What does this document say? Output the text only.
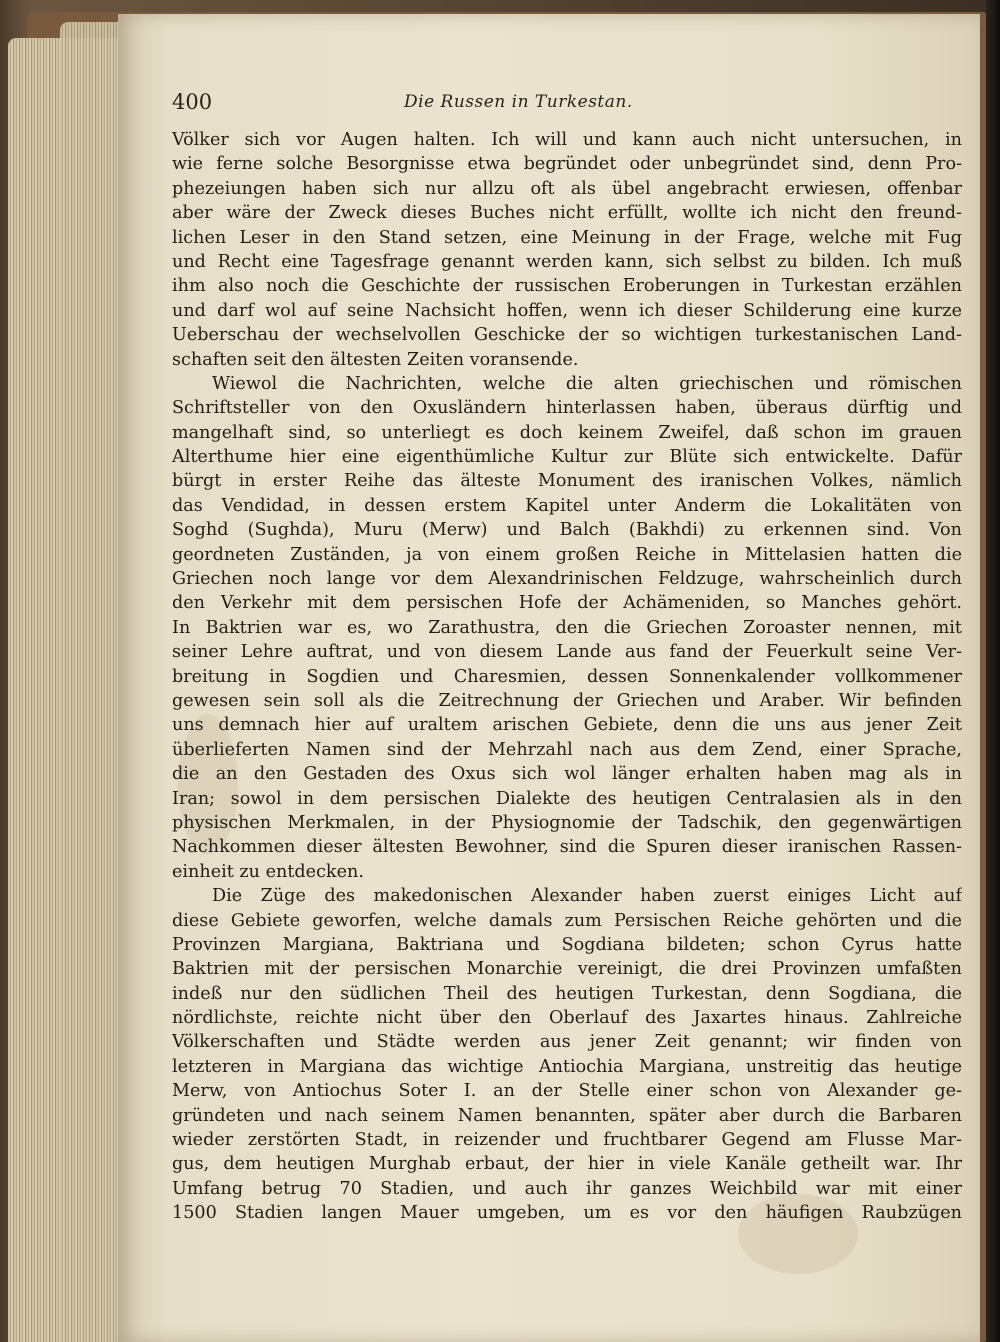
400	Die Russen in Turkestan.
Völker sich vor Augen halten. Ich will und kann auch nicht untersuchen, in
wie ferne solche Besorgnisse etwa begründet oder unbegründet sind, denn Pro-
phezeiungen haben sich nur allzu oft als übel angebracht erwiesen, offenbar
aber wäre der Zweck dieses Buches nicht erfüllt, wollte ich nicht den freund-
lichen Leser in den Stand setzen, eine Meinung in der Frage, welche mit Fug
und Recht eine Tagesfrage genannt werden kann, sich selbst zu bilden. Ich muß
ihm also noch die Geschichte der russischen Eroberungen in Turkestan erzählen
und darf wol auf seine Nachsicht hoffen, wenn ich dieser Schilderung eine kurze
Ueberschau der wechselvollen Geschicke der so wichtigen turkestanischen Land-
schaften seit den ältesten Zeiten voransende.
Wiewol die Nachrichten, welche die alten griechischen und römischen
Schriftsteller von den Oxusländern hinterlassen haben, überaus dürftig und
mangelhaft sind, so unterliegt es doch keinem Zweifel, daß schon im grauen
Alterthume hier eine eigenthümliche Kultur zur Blüte sich entwickelte. Dafür
bürgt in erster Reihe das älteste Monument des iranischen Volkes, nämlich
das Vendidad, in dessen erstem Kapitel unter Anderm die Lokalitäten von
Soghd (Sughda), Muru (Merw) und Balch (Bakhdi) zu erkennen sind. Von
geordneten Zuständen, ja von einem großen Reiche in Mittelasien hatten die
Griechen noch lange vor dem Alexandrinischen Feldzuge, wahrscheinlich durch
den Verkehr mit dem persischen Hofe der Achämeniden, so Manches gehört.
In Baktrien war es, wo Zarathustra, den die Griechen Zoroaster nennen, mit
seiner Lehre auftrat, und von diesem Lande aus fand der Feuerkult seine Ver-
breitung in Sogdien und Charesmien, dessen Sonnenkalender vollkommener
gewesen sein soll als die Zeitrechnung der Griechen und Araber. Wir befinden
uns demnach hier auf uraltem arischen Gebiete, denn die uns aus jener Zeit
überlieferten Namen sind der Mehrzahl nach aus dem Zend, einer Sprache,
die an den Gestaden des Oxus sich wol länger erhalten haben mag als in
Iran; sowol in dem persischen Dialekte des heutigen Centralasien als in den
physischen Merkmalen, in der Physiognomie der Tadschik, den gegenwärtigen
Nachkommen dieser ältesten Bewohner, sind die Spuren dieser iranischen Rassen-
einheit zu entdecken.
Die Züge des makedonischen Alexander haben zuerst einiges Licht auf
diese Gebiete geworfen, welche damals zum Persischen Reiche gehörten und die
Provinzen Margiana, Baktriana und Sogdiana bildeten; schon Cyrus hatte
Baktrien mit der persischen Monarchie vereinigt, die drei Provinzen umfaßten
indeß nur den südlichen Theil des heutigen Turkestan, denn Sogdiana, die
nördlichste, reichte nicht über den Oberlauf des Jaxartes hinaus. Zahlreiche
Völkerschaften und Städte werden aus jener Zeit genannt; wir finden von
letzteren in Margiana das wichtige Antiochia Margiana, unstreitig das heutige
Merw, von Antiochus Soter I. an der Stelle einer schon von Alexander ge-
gründeten und nach seinem Namen benannten, später aber durch die Barbaren
wieder zerstörten Stadt, in reizender und fruchtbarer Gegend am Flusse Mar-
gus, dem heutigen Murghab erbaut, der hier in viele Kanäle getheilt war. Ihr
Umfang betrug 70 Stadien, und auch ihr ganzes Weichbild war mit einer
1500 Stadien langen Mauer umgeben, um es vor den häufigen Raubzügen
